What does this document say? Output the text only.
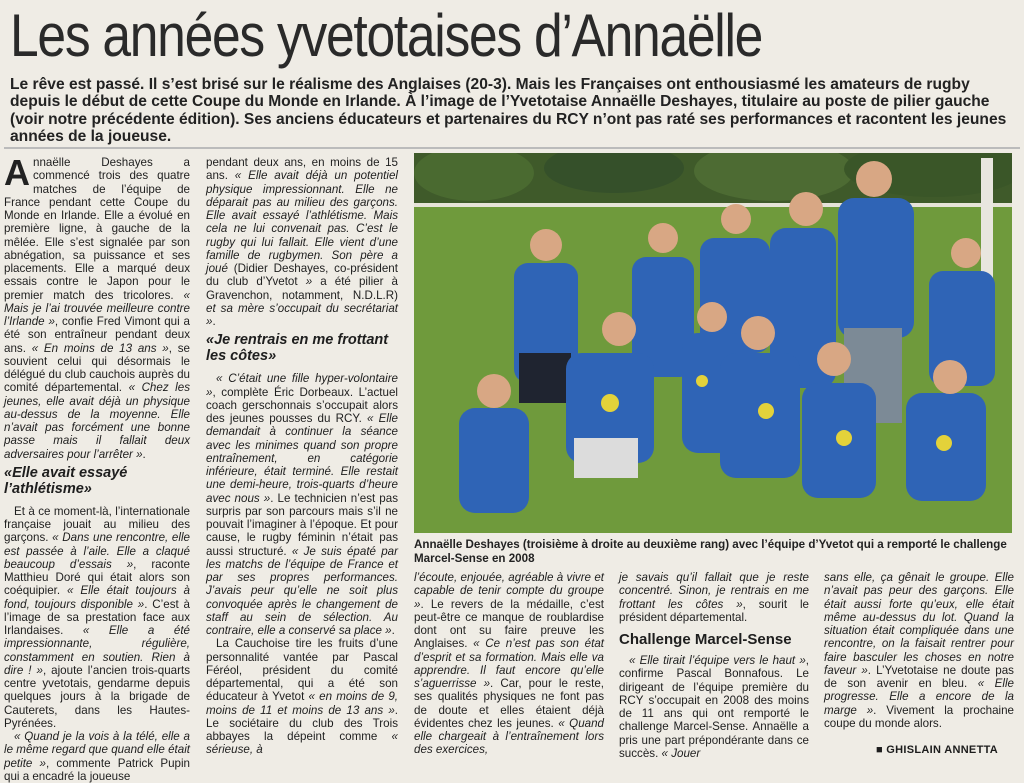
Les années yvetotaises d’Annaëlle
Le rêve est passé. Il s’est brisé sur le réalisme des Anglaises (20-3). Mais les Françaises ont enthousiasmé les amateurs de rugby depuis le début de cette Coupe du Monde en Irlande. À l’image de l’Yvetotaise Annaëlle Deshayes, titulaire au poste de pilier gauche (voir notre précédente édition). Ses anciens éducateurs et partenaires du RCY n’ont pas raté ses performances et racontent les jeunes années de la joueuse.

Annaëlle Deshayes a commencé trois des quatre matches de l’équipe de France pendant cette Coupe du Monde en Irlande. Elle a évolué en première ligne, à gauche de la mêlée. Elle s’est signalée par son abnégation, sa puissance et ses placements. Elle a marqué deux essais contre le Japon pour le premier match des tricolores. « Mais je l’ai trouvée meilleure contre l’Irlande », confie Fred Vimont qui a été son entraîneur pendant deux ans. « En moins de 13 ans », se souvient celui qui désormais le délégué du club cauchois auprès du comité départemental. « Chez les jeunes, elle avait déjà un physique au-dessus de la moyenne. Elle n’avait pas forcément une bonne passe mais il fallait deux adversaires pour l’arrêter ».

«Elle avait essayé l’athlétisme»

Et à ce moment-là, l’internationale française jouait au milieu des garçons. « Dans une rencontre, elle est passée à l’aile. Elle a claqué beaucoup d’essais », raconte Matthieu Doré qui était alors son coéquipier. « Elle était toujours à fond, toujours disponible ». C’est à l’image de sa prestation face aux Irlandaises. « Elle a été impressionnante, régulière, constamment en soutien. Rien à dire ! », ajoute l’ancien trois-quarts centre yvetotais, gendarme depuis quelques jours à la brigade de Cauterets, dans les Hautes-Pyrénées.

« Quand je la vois à la télé, elle a le même regard que quand elle était petite », commente Patrick Pupin qui a encadré la joueuse

pendant deux ans, en moins de 15 ans. « Elle avait déjà un potentiel physique impressionnant. Elle ne déparait pas au milieu des garçons. Elle avait essayé l’athlétisme. Mais cela ne lui convenait pas. C’est le rugby qui lui fallait. Elle vient d’une famille de rugbymen. Son père a joué (Didier Deshayes, co-président du club d’Yvetot » a été pilier à Gravenchon, notamment, N.D.L.R) et sa mère s’occupait du secrétariat ».

«Je rentrais en me frottant les côtes»

« C’était une fille hyper-volontaire », complète Éric Dorbeaux. L’actuel coach gerschonnais s’occupait alors des jeunes pousses du RCY. « Elle demandait à continuer la séance avec les minimes quand son propre entraînement, en catégorie inférieure, était terminé. Elle restait une demi-heure, trois-quarts d’heure avec nous ». Le technicien n’est pas surpris par son parcours mais s’il ne pouvait l’imaginer à l’époque. Et pour cause, le rugby féminin n’était pas aussi structuré. « Je suis épaté par les matchs de l’équipe de France et par ses propres performances. J’avais peur qu’elle ne soit plus convoquée après le changement de staff au sein de sélection. Au contraire, elle a conservé sa place ».

La Cauchoise tire les fruits d’une personnalité vantée par Pascal Féréol, président du comité départemental, qui a été son éducateur à Yvetot « en moins de 9, moins de 11 et moins de 13 ans ». Le sociétaire du club des Trois abbayes la dépeint comme « sérieuse, à

Annaëlle Deshayes (troisième à droite au deuxième rang) avec l’équipe d’Yvetot qui a remporté le challenge Marcel-Sense en 2008

l’écoute, enjouée, agréable à vivre et capable de tenir compte du groupe ». Le revers de la médaille, c’est peut-être ce manque de roublardise dont ont su faire preuve les Anglaises. « Ce n’est pas son état d’esprit et sa formation. Mais elle va apprendre. Il faut encore qu’elle s’aguerrisse ». Car, pour le reste, ses qualités physiques ne font pas de doute et elles étaient déjà évidentes chez les jeunes. « Quand elle chargeait à l’entraînement lors des exercices,

je savais qu’il fallait que je reste concentré. Sinon, je rentrais en me frottant les côtes », sourit le président départemental.

Challenge Marcel-Sense

« Elle tirait l’équipe vers le haut », confirme Pascal Bonnafous. Le dirigeant de l’équipe première du RCY s’occupait en 2008 des moins de 11 ans qui ont remporté le challenge Marcel-Sense. Annaëlle a pris une part prépondérante dans ce succès. « Jouer

sans elle, ça gênait le groupe. Elle n’avait pas peur des garçons. Elle était aussi forte qu’eux, elle était même au-dessus du lot. Quand la situation était compliquée dans une rencontre, on la faisait rentrer pour faire basculer les choses en notre faveur ». L’Yvetotaise ne doute pas de son avenir en bleu. « Elle progresse. Elle a encore de la marge ». Vivement la prochaine coupe du monde alors.

■ GHISLAIN ANNETTA
